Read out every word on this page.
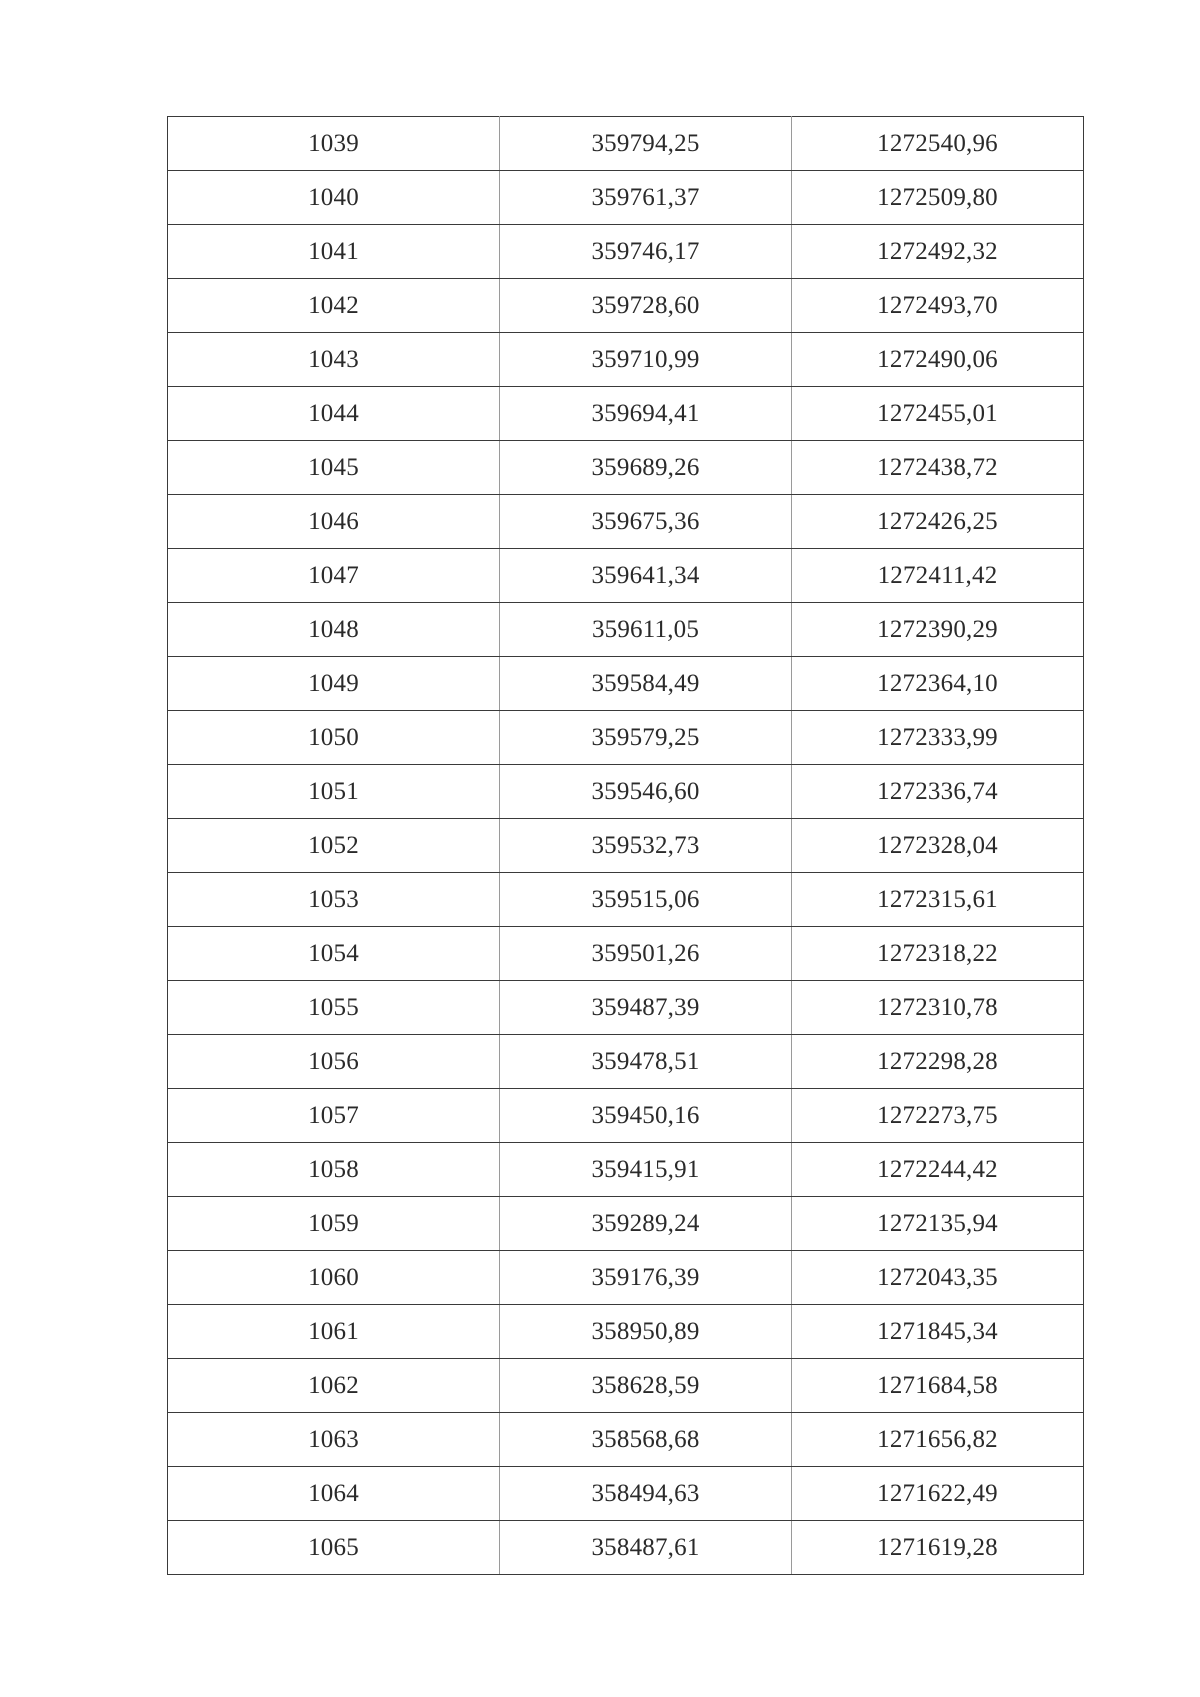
1039	359794,25	1272540,96
1040	359761,37	1272509,80
1041	359746,17	1272492,32
1042	359728,60	1272493,70
1043	359710,99	1272490,06
1044	359694,41	1272455,01
1045	359689,26	1272438,72
1046	359675,36	1272426,25
1047	359641,34	1272411,42
1048	359611,05	1272390,29
1049	359584,49	1272364,10
1050	359579,25	1272333,99
1051	359546,60	1272336,74
1052	359532,73	1272328,04
1053	359515,06	1272315,61
1054	359501,26	1272318,22
1055	359487,39	1272310,78
1056	359478,51	1272298,28
1057	359450,16	1272273,75
1058	359415,91	1272244,42
1059	359289,24	1272135,94
1060	359176,39	1272043,35
1061	358950,89	1271845,34
1062	358628,59	1271684,58
1063	358568,68	1271656,82
1064	358494,63	1271622,49
1065	358487,61	1271619,28
